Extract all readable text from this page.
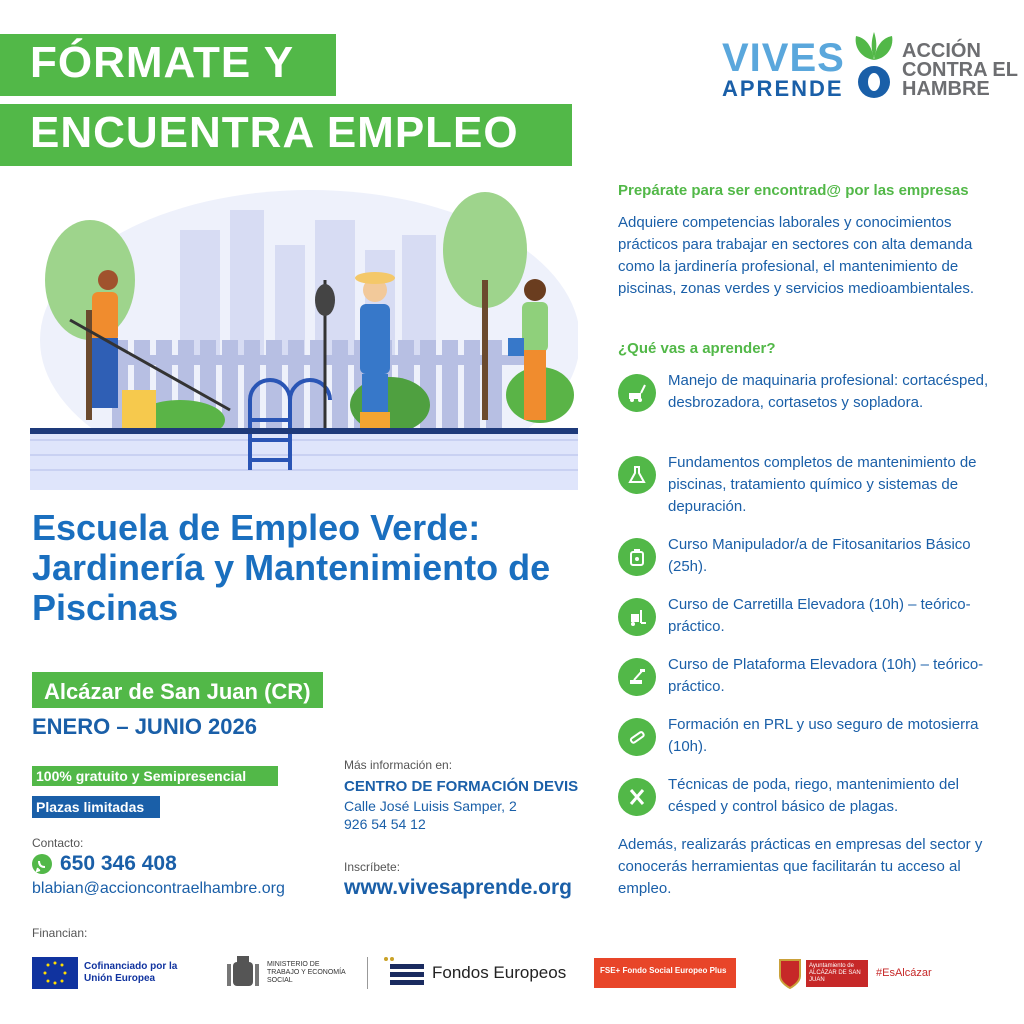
FÓRMATE Y
ENCUENTRA EMPLEO
VIVES
APRENDE
ACCIÓN
CONTRA EL
HAMBRE
Escuela de Empleo Verde: Jardinería y Mantenimiento de Piscinas
Alcázar de San Juan (CR)
ENERO – JUNIO 2026
100% gratuito y Semipresencial
Plazas limitadas
Contacto:
650 346 408
blabian@accioncontraelhambre.org
Más información en:
CENTRO DE FORMACIÓN DEVIS
Calle José Luisis Samper, 2
926 54 54 12
Inscríbete:
www.vivesaprende.org
Prepárate para ser encontrad@ por las empresas
Adquiere competencias laborales y conocimientos prácticos para trabajar en sectores con alta demanda como la jardinería profesional, el mantenimiento de piscinas, zonas verdes y servicios medioambientales.
¿Qué vas a aprender?
Manejo de maquinaria profesional: cortacésped, desbrozadora, cortasetos y sopladora.
Fundamentos completos de mantenimiento de piscinas, tratamiento químico y sistemas de depuración.
Curso Manipulador/a de Fitosanitarios Básico (25h).
Curso de Carretilla Elevadora (10h) – teórico-práctico.
Curso de Plataforma Elevadora (10h) – teórico-práctico.
Formación en PRL y uso seguro de motosierra (10h).
Técnicas de poda, riego, mantenimiento del césped y control básico de plagas.
Además, realizarás prácticas en empresas del sector y conocerás herramientas que facilitarán tu acceso al empleo.
Financian:
Cofinanciado por la Unión Europea
MINISTERIO DE TRABAJO Y ECONOMÍA SOCIAL	Fondos Europeos	FSE+ Fondo Social Europeo Plus
Ayuntamiento de ALCÁZAR DE SAN JUAN
#EsAlcázar
